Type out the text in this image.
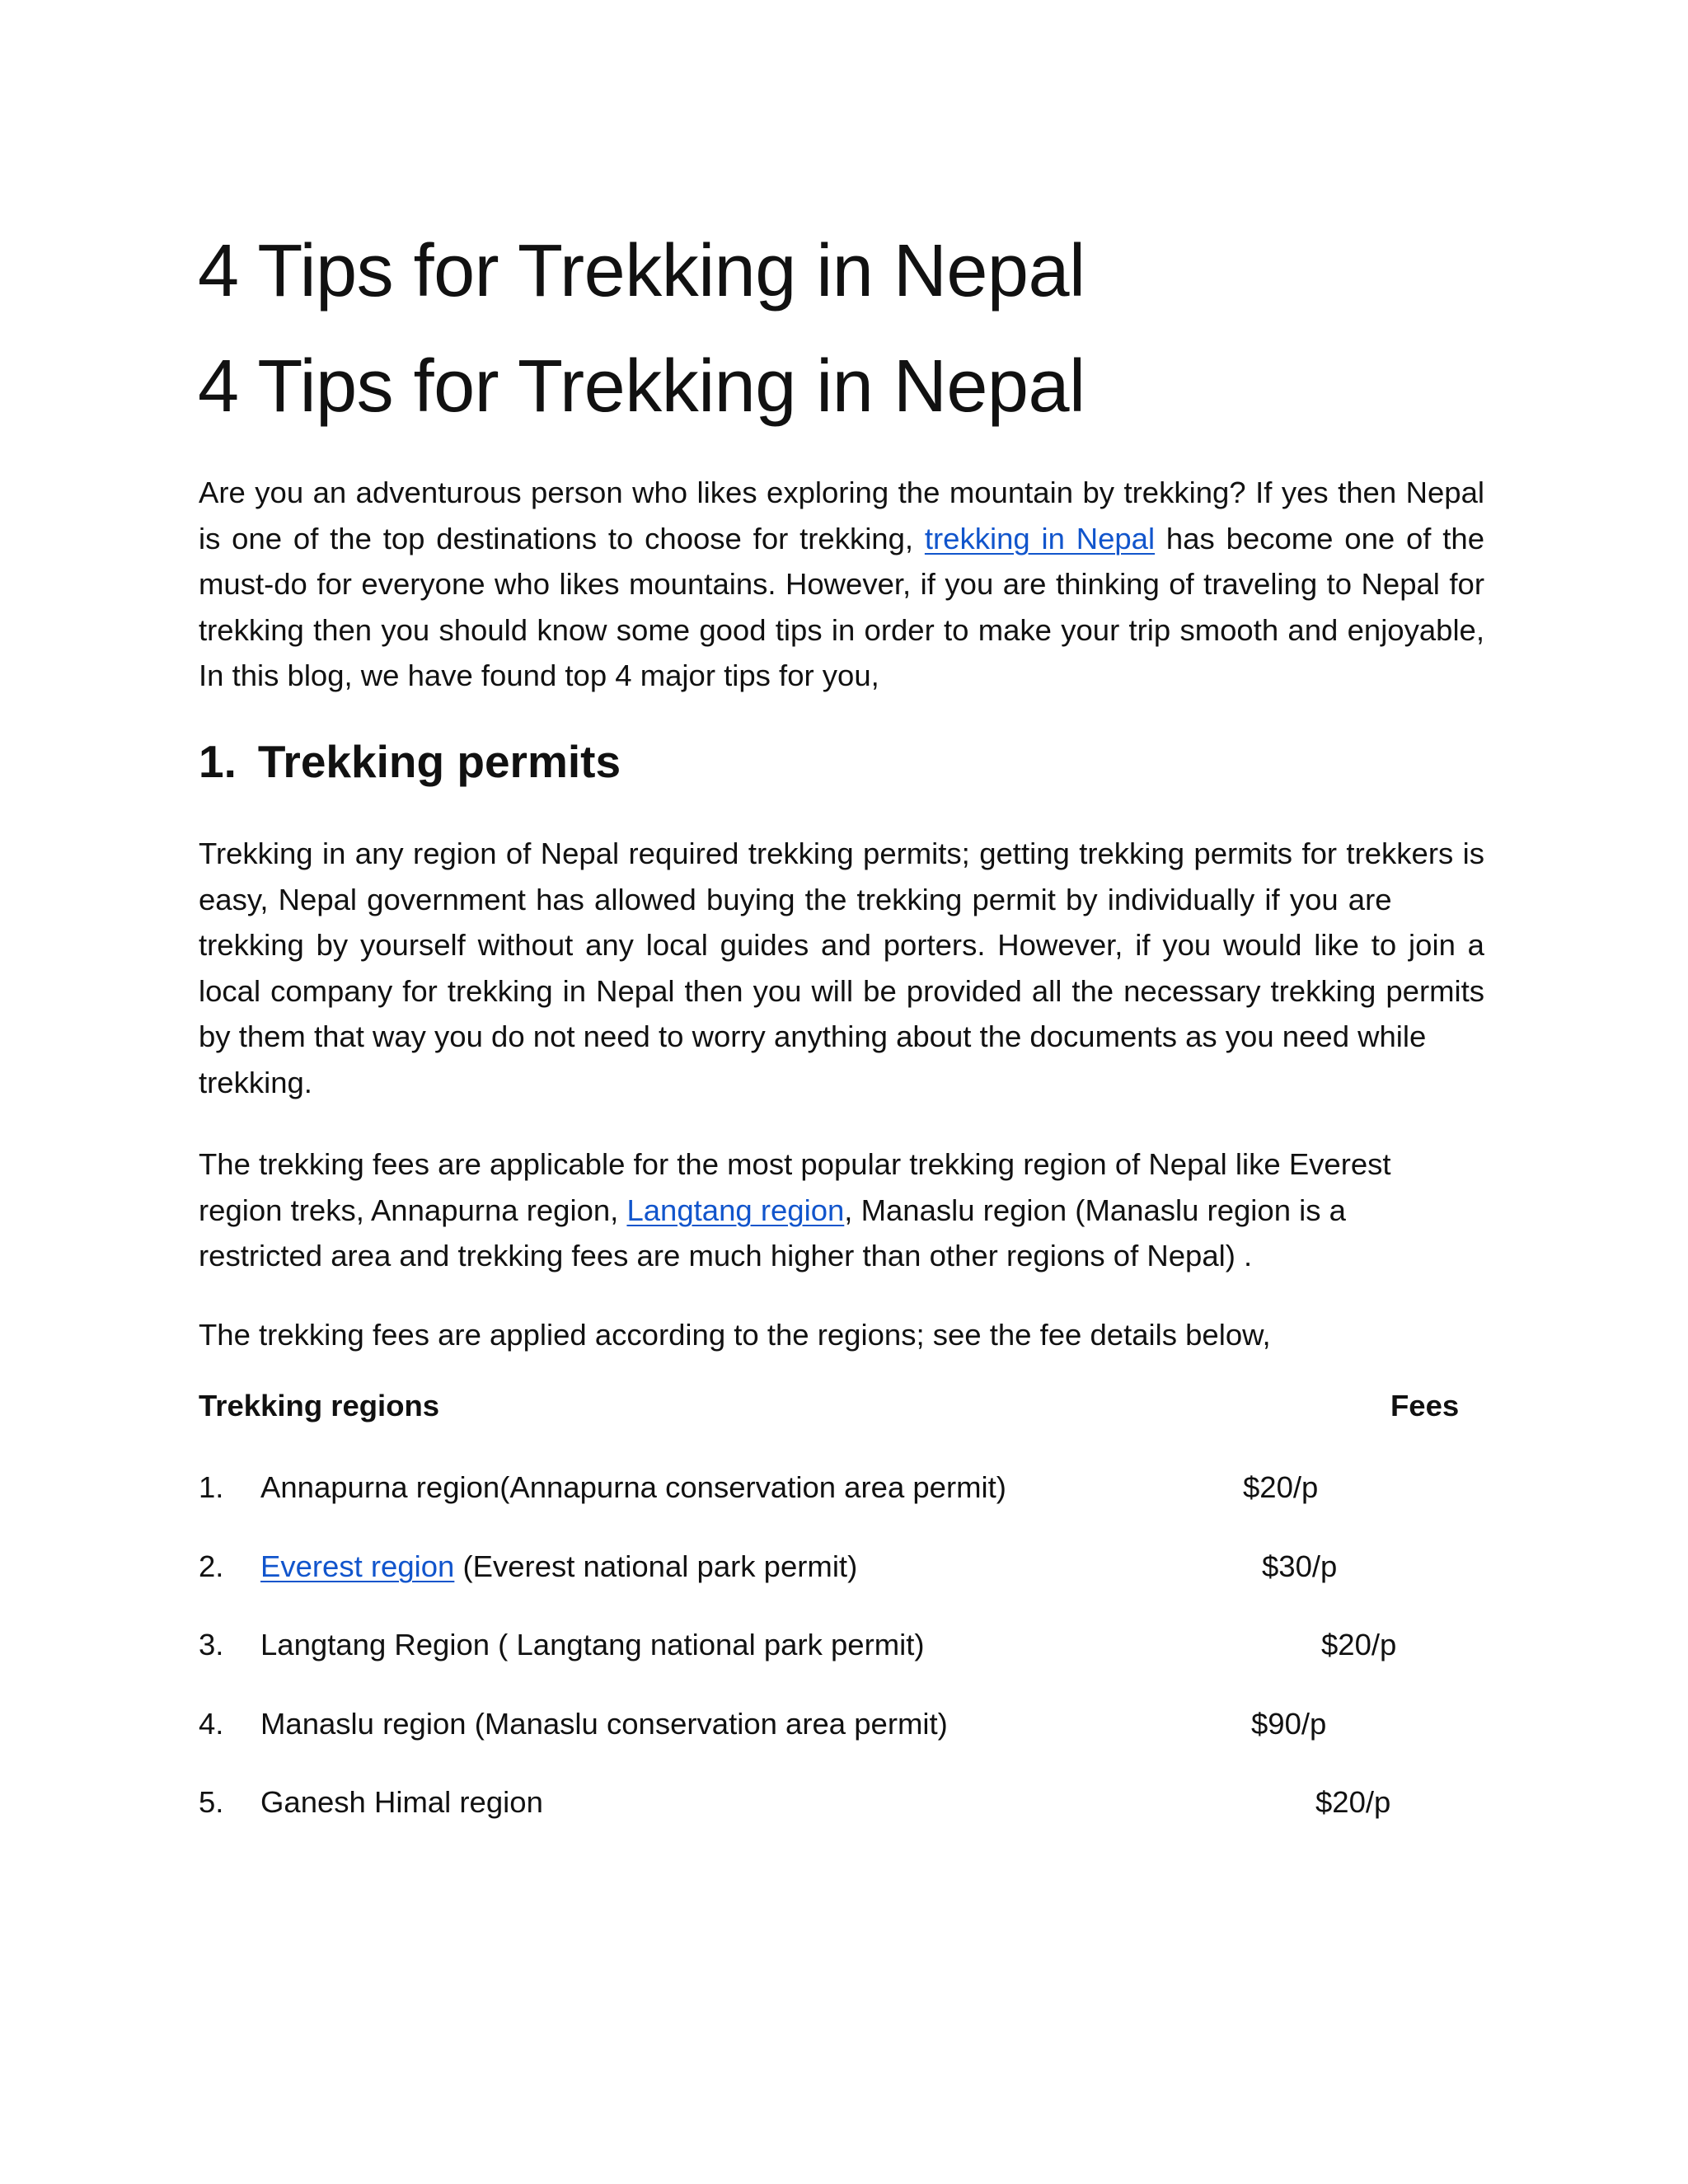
4 Tips for Trekking in Nepal
4 Tips for Trekking in Nepal
Are you an adventurous person who likes exploring the mountain by trekking? If yes then Nepal
is one of the top destinations to choose for trekking, trekking in Nepal has become one of the
must-do for everyone who likes mountains. However, if you are thinking of traveling to Nepal for
trekking then you should know some good tips in order to make your trip smooth and enjoyable,
In this blog, we have found top 4 major tips for you,
1. Trekking permits
Trekking in any region of Nepal required trekking permits; getting trekking permits for trekkers is
easy, Nepal government has allowed buying the trekking permit by individually if you are
trekking by yourself without any local guides and porters. However, if you would like to join a
local company for trekking in Nepal then you will be provided all the necessary trekking permits
by them that way you do not need to worry anything about the documents as you need while
trekking.
The trekking fees are applicable for the most popular trekking region of Nepal like Everest
region treks, Annapurna region, Langtang region, Manaslu region (Manaslu region is a
restricted area and trekking fees are much higher than other regions of Nepal) .
The trekking fees are applied according to the regions; see the fee details below,
Trekking regions	Fees
1. Annapurna region(Annapurna conservation area permit)	$20/p
2. Everest region (Everest national park permit)	$30/p
3. Langtang Region ( Langtang national park permit)	$20/p
4. Manaslu region (Manaslu conservation area permit)	$90/p
5. Ganesh Himal region	$20/p
